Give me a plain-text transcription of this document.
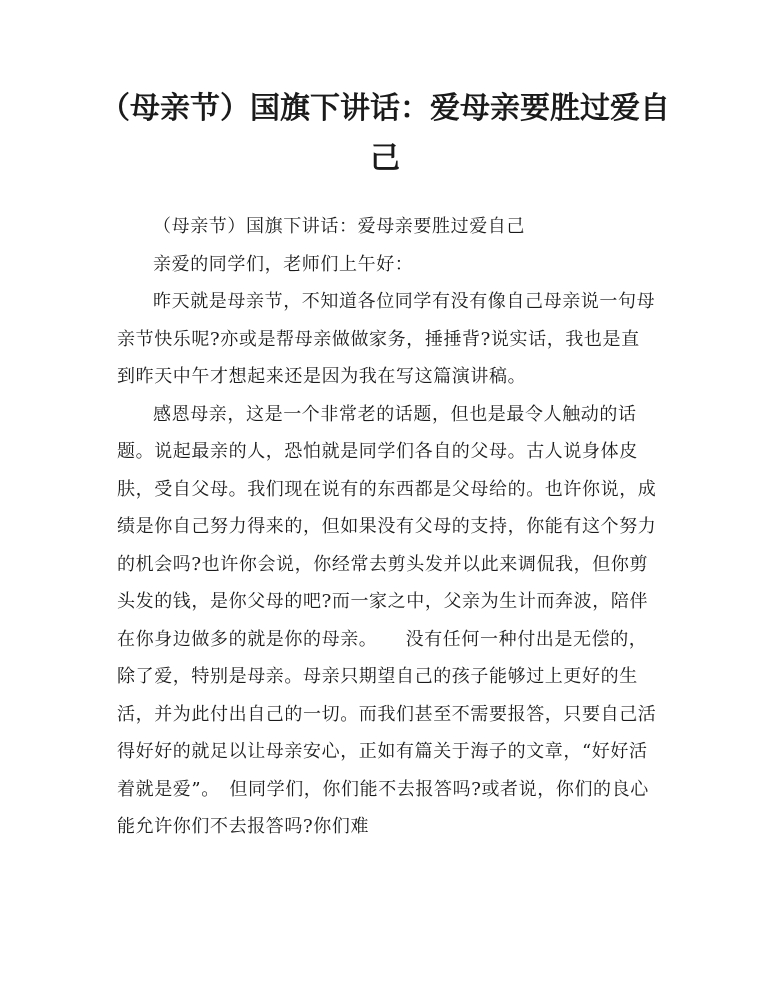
（母亲节）国旗下讲话：爱母亲要胜过爱自己

（母亲节）国旗下讲话：爱母亲要胜过爱自己

亲爱的同学们，老师们上午好：

昨天就是母亲节，不知道各位同学有没有像自己母亲说一句母亲节快乐呢?亦或是帮母亲做做家务，捶捶背?说实话，我也是直到昨天中午才想起来还是因为我在写这篇演讲稿。

感恩母亲，这是一个非常老的话题，但也是最令人触动的话题。说起最亲的人，恐怕就是同学们各自的父母。古人说身体皮肤，受自父母。我们现在说有的东西都是父母给的。也许你说，成绩是你自己努力得来的，但如果没有父母的支持，你能有这个努力的机会吗?也许你会说，你经常去剪头发并以此来调侃我，但你剪头发的钱，是你父母的吧?而一家之中，父亲为生计而奔波，陪伴在你身边做多的就是你的母亲。　　没有任何一种付出是无偿的，除了爱，特别是母亲。母亲只期望自己的孩子能够过上更好的生活，并为此付出自己的一切。而我们甚至不需要报答，只要自己活得好好的就足以让母亲安心，正如有篇关于海子的文章，“好好活着就是爱”。　但同学们，你们能不去报答吗?或者说，你们的良心能允许你们不去报答吗?你们难
